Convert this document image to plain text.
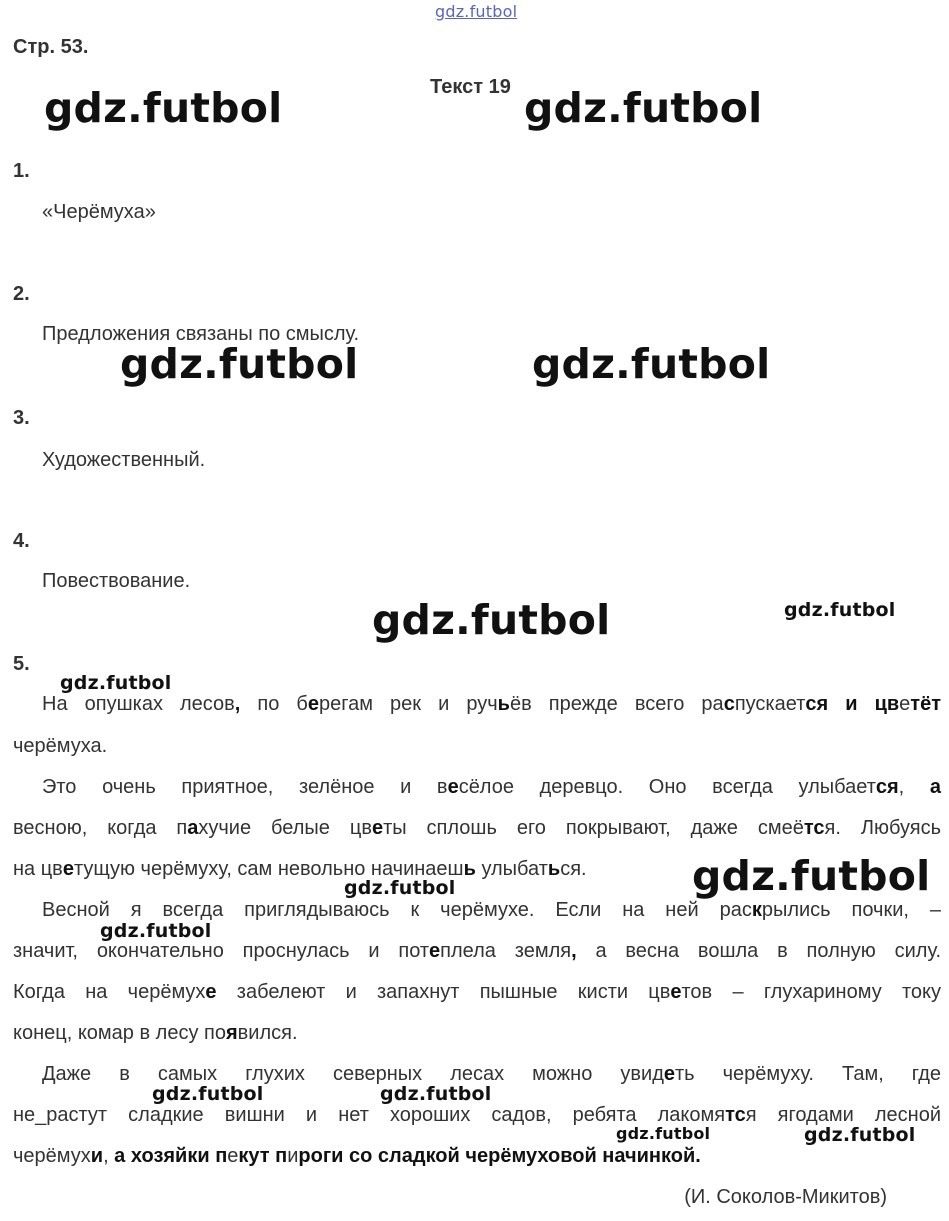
gdz.futbol
gdz.futbol	gdz.futbol
gdz.futbol	gdz.futbol
gdz.futbol	gdz.futbol
gdz.futbol
gdz.futbol
gdz.futbol
gdz.futbol
gdz.futbol	gdz.futbol
gdz.futbol	gdz.futbol
Стр. 53.
Текст 19
1.
«Черёмуха»
2.
Предложения связаны по смыслу.
3.
Художественный.
4.
Повествование.
5.
На опушках лесов, по берегам рек и ручьёв прежде всего распускается и цветёт
черёмуха.
Это очень приятное, зелёное и весёлое деревцо. Оно всегда улыбается, а
весною, когда пахучие белые цветы сплошь его покрывают, даже смеётся. Любуясь
на цветущую черёмуху, сам невольно начинаешь улыбаться.
Весной я всегда приглядываюсь к черёмухе. Если на ней раскрылись почки, –
значит, окончательно проснулась и потеплела земля, а весна вошла в полную силу.
Когда на черёмухе забелеют и запахнут пышные кисти цветов – глухариному току
конец, комар в лесу появился.
Даже в самых глухих северных лесах можно увидеть черёмуху. Там, где
не_растут сладкие вишни и нет хороших садов, ребята лакомятся ягодами лесной
черёмухи, а хозяйки пекут пироги со сладкой черёмуховой начинкой.
(И. Соколов-Микитов)
